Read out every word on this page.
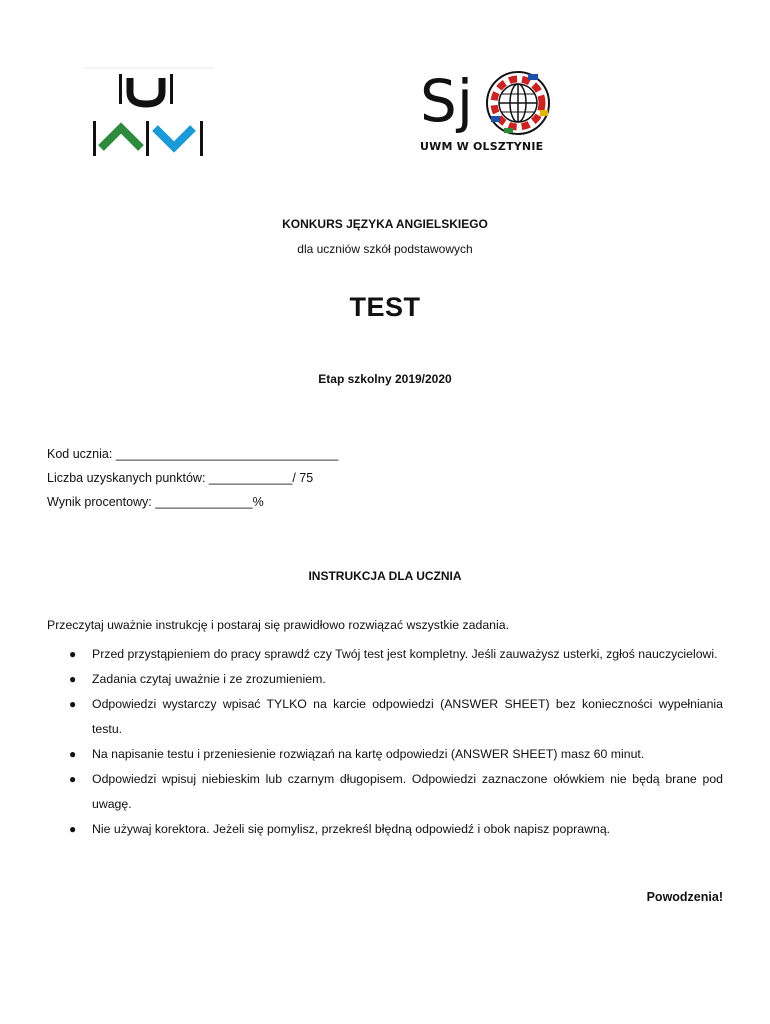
Sj
UWM W OLSZTYNIE
KONKURS JĘZYKA ANGIELSKIEGO
dla uczniów szkół podstawowych
TEST
Etap szkolny 2019/2020
Kod ucznia: ________________________________
Liczba uzyskanych punktów: ____________/ 75
Wynik procentowy: ______________%
INSTRUKCJA DLA UCZNIA
Przeczytaj uważnie instrukcję i postaraj się prawidłowo rozwiązać wszystkie zadania.
● Przed przystąpieniem do pracy sprawdź czy Twój test jest kompletny. Jeśli zauważysz usterki, zgłoś nauczycielowi.
● Zadania czytaj uważnie i ze zrozumieniem.
● Odpowiedzi wystarczy wpisać TYLKO na karcie odpowiedzi (ANSWER SHEET) bez konieczności wypełniania testu.
● Na napisanie testu i przeniesienie rozwiązań na kartę odpowiedzi (ANSWER SHEET) masz 60 minut.
● Odpowiedzi wpisuj niebieskim lub czarnym długopisem. Odpowiedzi zaznaczone ołówkiem nie będą brane pod uwagę.
● Nie używaj korektora. Jeżeli się pomylisz, przekreśl błędną odpowiedź i obok napisz poprawną.
Powodzenia!
